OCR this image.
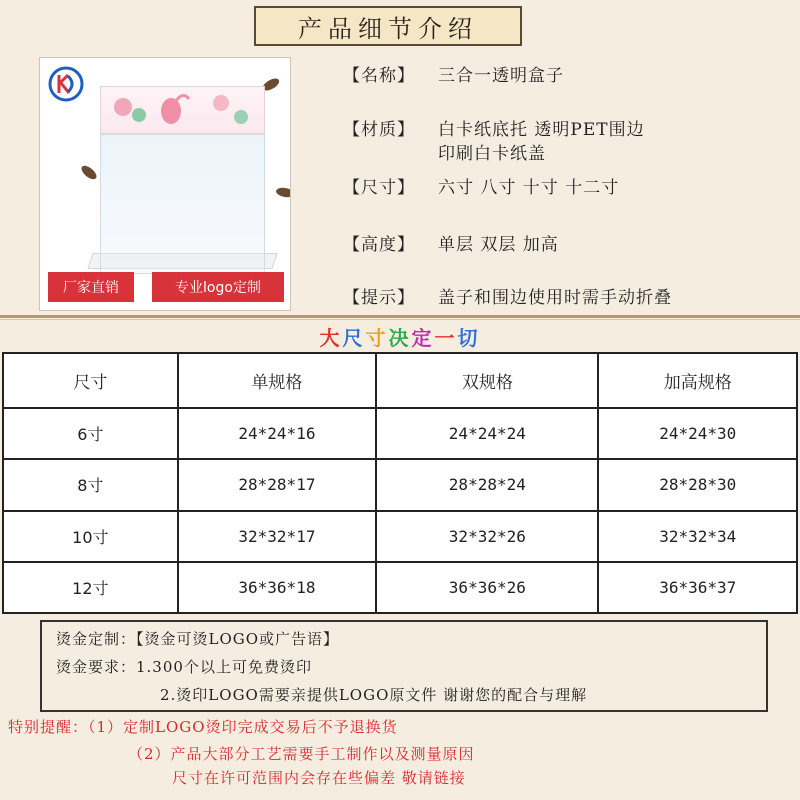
产品细节介绍
厂家直销	专业logo定制
【名称】 三合一透明盒子
【材质】 白卡纸底托 透明PET围边
印刷白卡纸盖
【尺寸】 六寸 八寸 十寸 十二寸
【高度】 单层 双层 加高
【提示】 盖子和围边使用时需手动折叠
大尺寸决定一切
尺寸	单规格	双规格	加高规格
6寸	24*24*16	24*24*24	24*24*30
8寸	28*28*17	28*28*24	28*28*30
10寸	32*32*17	32*32*26	32*32*34
12寸	36*36*18	36*36*26	36*36*37
烫金定制：【烫金可烫LOGO或广告语】
烫金要求：1.300个以上可免费烫印
2.烫印LOGO需要亲提供LOGO原文件 谢谢您的配合与理解
特别提醒：（1）定制LOGO烫印完成交易后不予退换货
（2）产品大部分工艺需要手工制作以及测量原因
尺寸在许可范围内会存在些偏差 敬请链接
